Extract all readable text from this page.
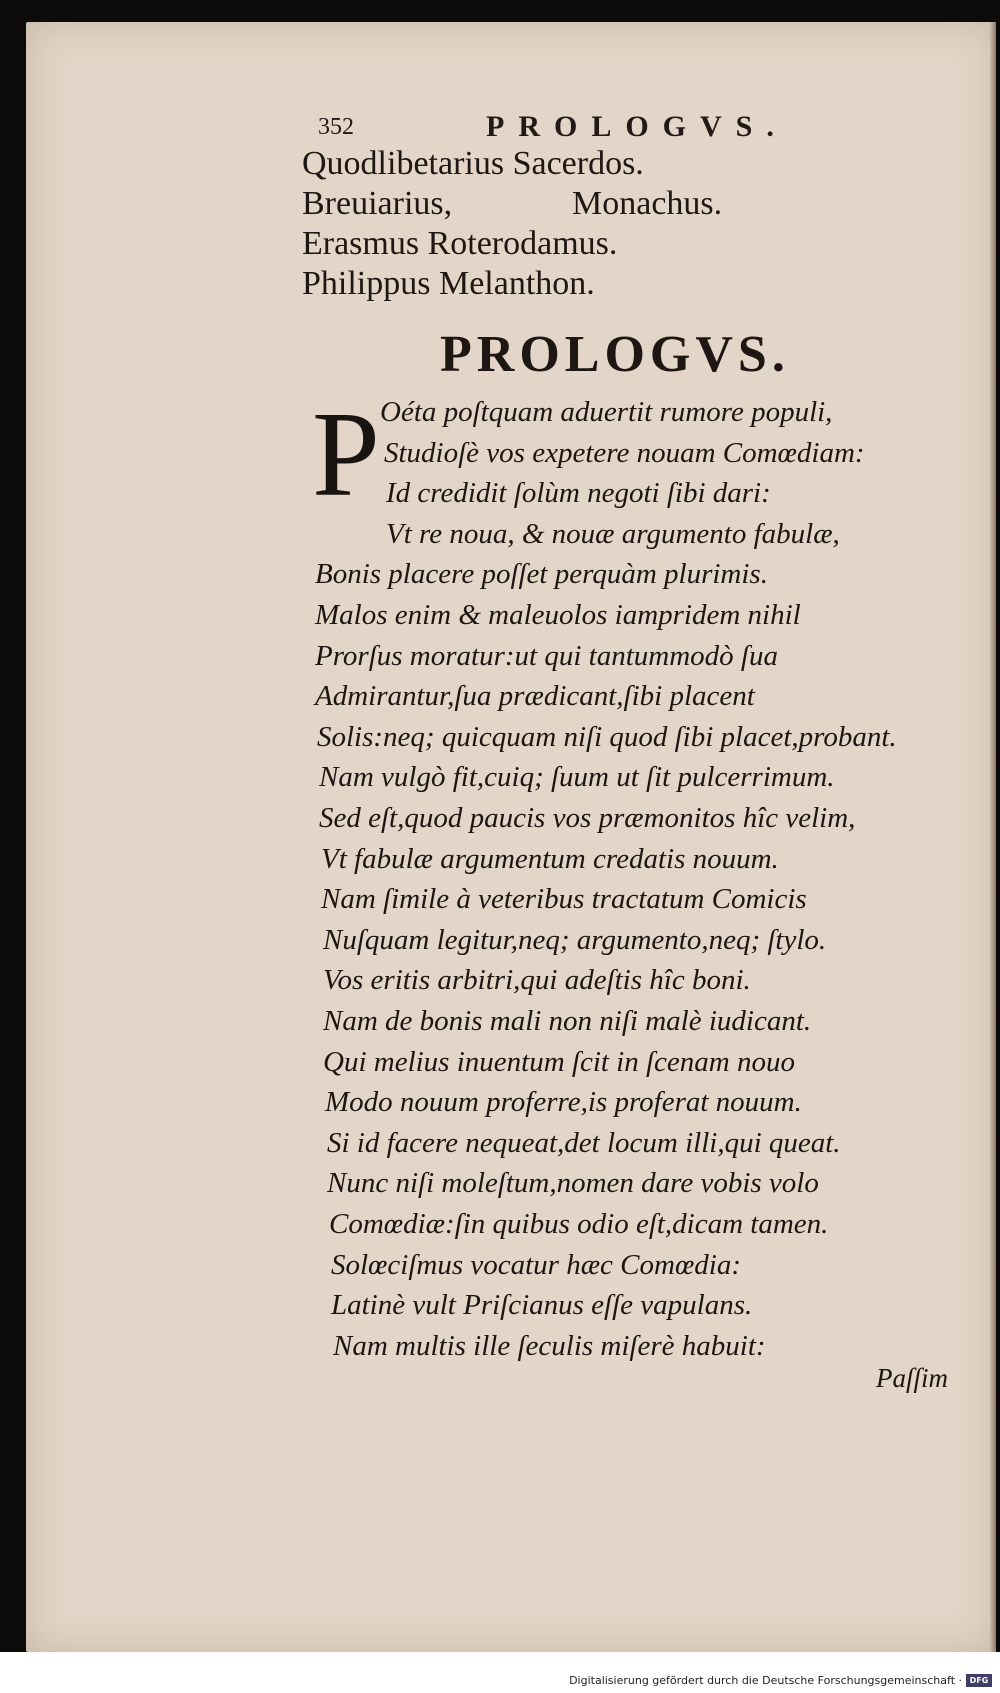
352	PROLOGVS.
Quodlibetarius Sacerdos.
Breuiarius,	Monachus.
Erasmus Roterodamus.
Philippus Melanthon.
PROLOGVS.
P Oéta poſtquam aduertit rumore populi,
Studioſè vos expetere nouam Comœdiam:
Id credidit ſolùm negoti ſibi dari:
Vt re noua, & nouæ argumento fabulæ,
Bonis placere poſſet perquàm plurimis.
Malos enim & maleuolos iampridem nihil
Prorſus moratur:ut qui tantummodò ſua
Admirantur,ſua prædicant,ſibi placent
Solis:neq; quicquam niſi quod ſibi placet,probant.
Nam vulgò fit,cuiq; ſuum ut ſit pulcerrimum.
Sed eſt,quod paucis vos præmonitos hîc velim,
Vt fabulæ argumentum credatis nouum.
Nam ſimile à veteribus tractatum Comicis
Nuſquam legitur,neq; argumento,neq; ſtylo.
Vos eritis arbitri,qui adeſtis hîc boni.
Nam de bonis mali non niſi malè iudicant.
Qui melius inuentum ſcit in ſcenam nouo
Modo nouum proferre,is proferat nouum.
Si id facere nequeat,det locum illi,qui queat.
Nunc niſi moleſtum,nomen dare vobis volo
Comœdiæ:ſin quibus odio eſt,dicam tamen.
Solœciſmus vocatur hæc Comœdia:
Latinè vult Priſcianus eſſe vapulans.
Nam multis ille ſeculis miſerè habuit:
Paſſim
Digitalisierung gefördert durch die Deutsche Forschungsgemeinschaft · DFG
